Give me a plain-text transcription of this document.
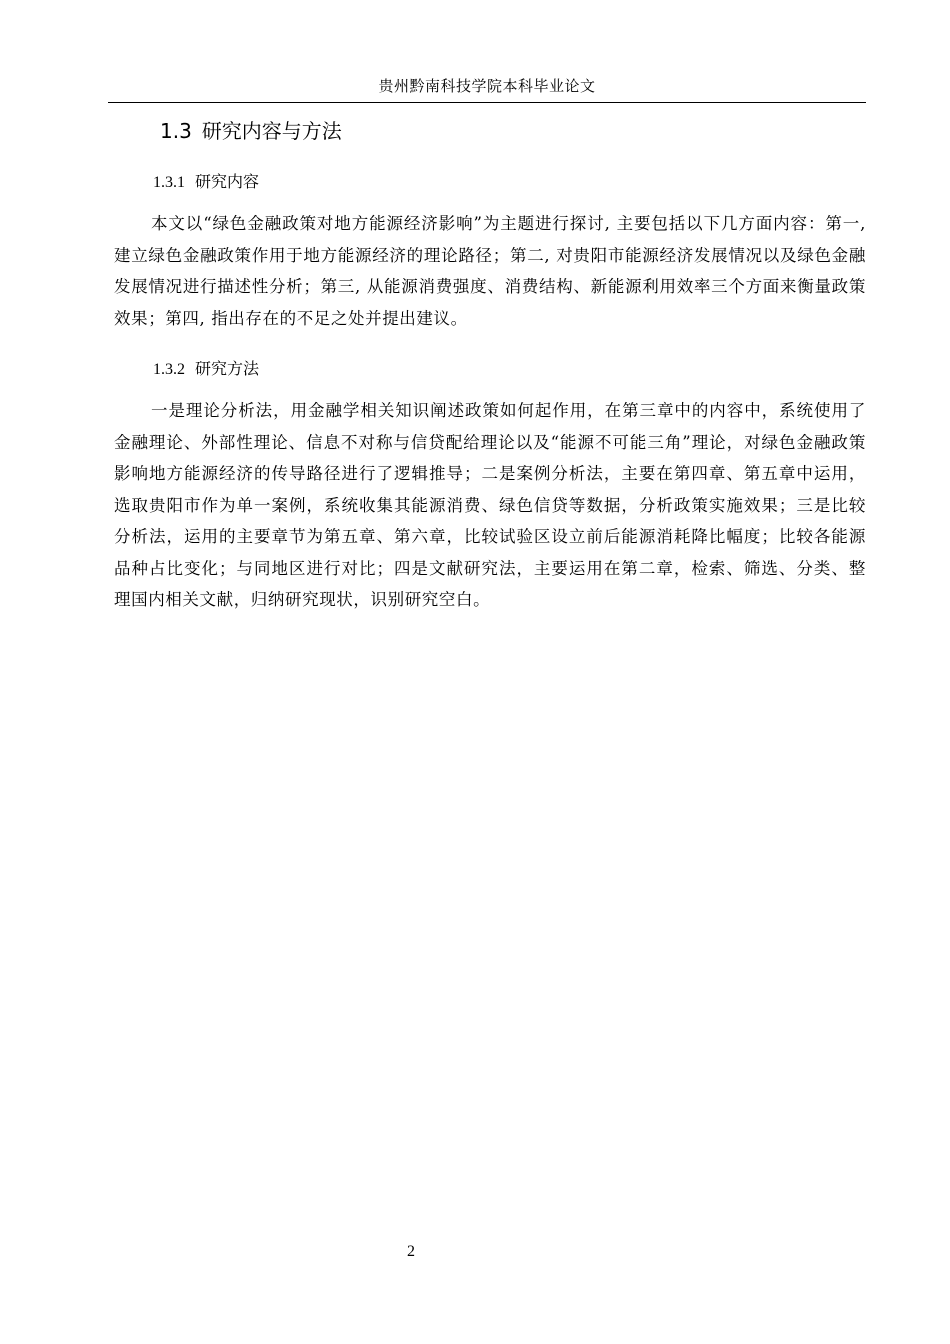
贵州黔南科技学院本科毕业论文
1.3 研究内容与方法
1.3.1 研究内容

本文以“绿色金融政策对地方能源经济影响”为主题进行探讨, 主要包括以下几方面内容：第一, 建立绿色金融政策作用于地方能源经济的理论路径；第二, 对贵阳市能源经济发展情况以及绿色金融发展情况进行描述性分析；第三, 从能源消费强度、消费结构、新能源利用效率三个方面来衡量政策效果；第四, 指出存在的不足之处并提出建议。

1.3.2 研究方法

一是理论分析法，用金融学相关知识阐述政策如何起作用，在第三章中的内容中，系统使用了金融理论、外部性理论、信息不对称与信贷配给理论以及“能源不可能三角”理论，对绿色金融政策影响地方能源经济的传导路径进行了逻辑推导；二是案例分析法，主要在第四章、第五章中运用，选取贵阳市作为单一案例，系统收集其能源消费、绿色信贷等数据，分析政策实施效果；三是比较分析法，运用的主要章节为第五章、第六章，比较试验区设立前后能源消耗降比幅度；比较各能源品种占比变化；与同地区进行对比；四是文献研究法，主要运用在第二章，检索、筛选、分类、整理国内相关文献，归纳研究现状，识别研究空白。

2
